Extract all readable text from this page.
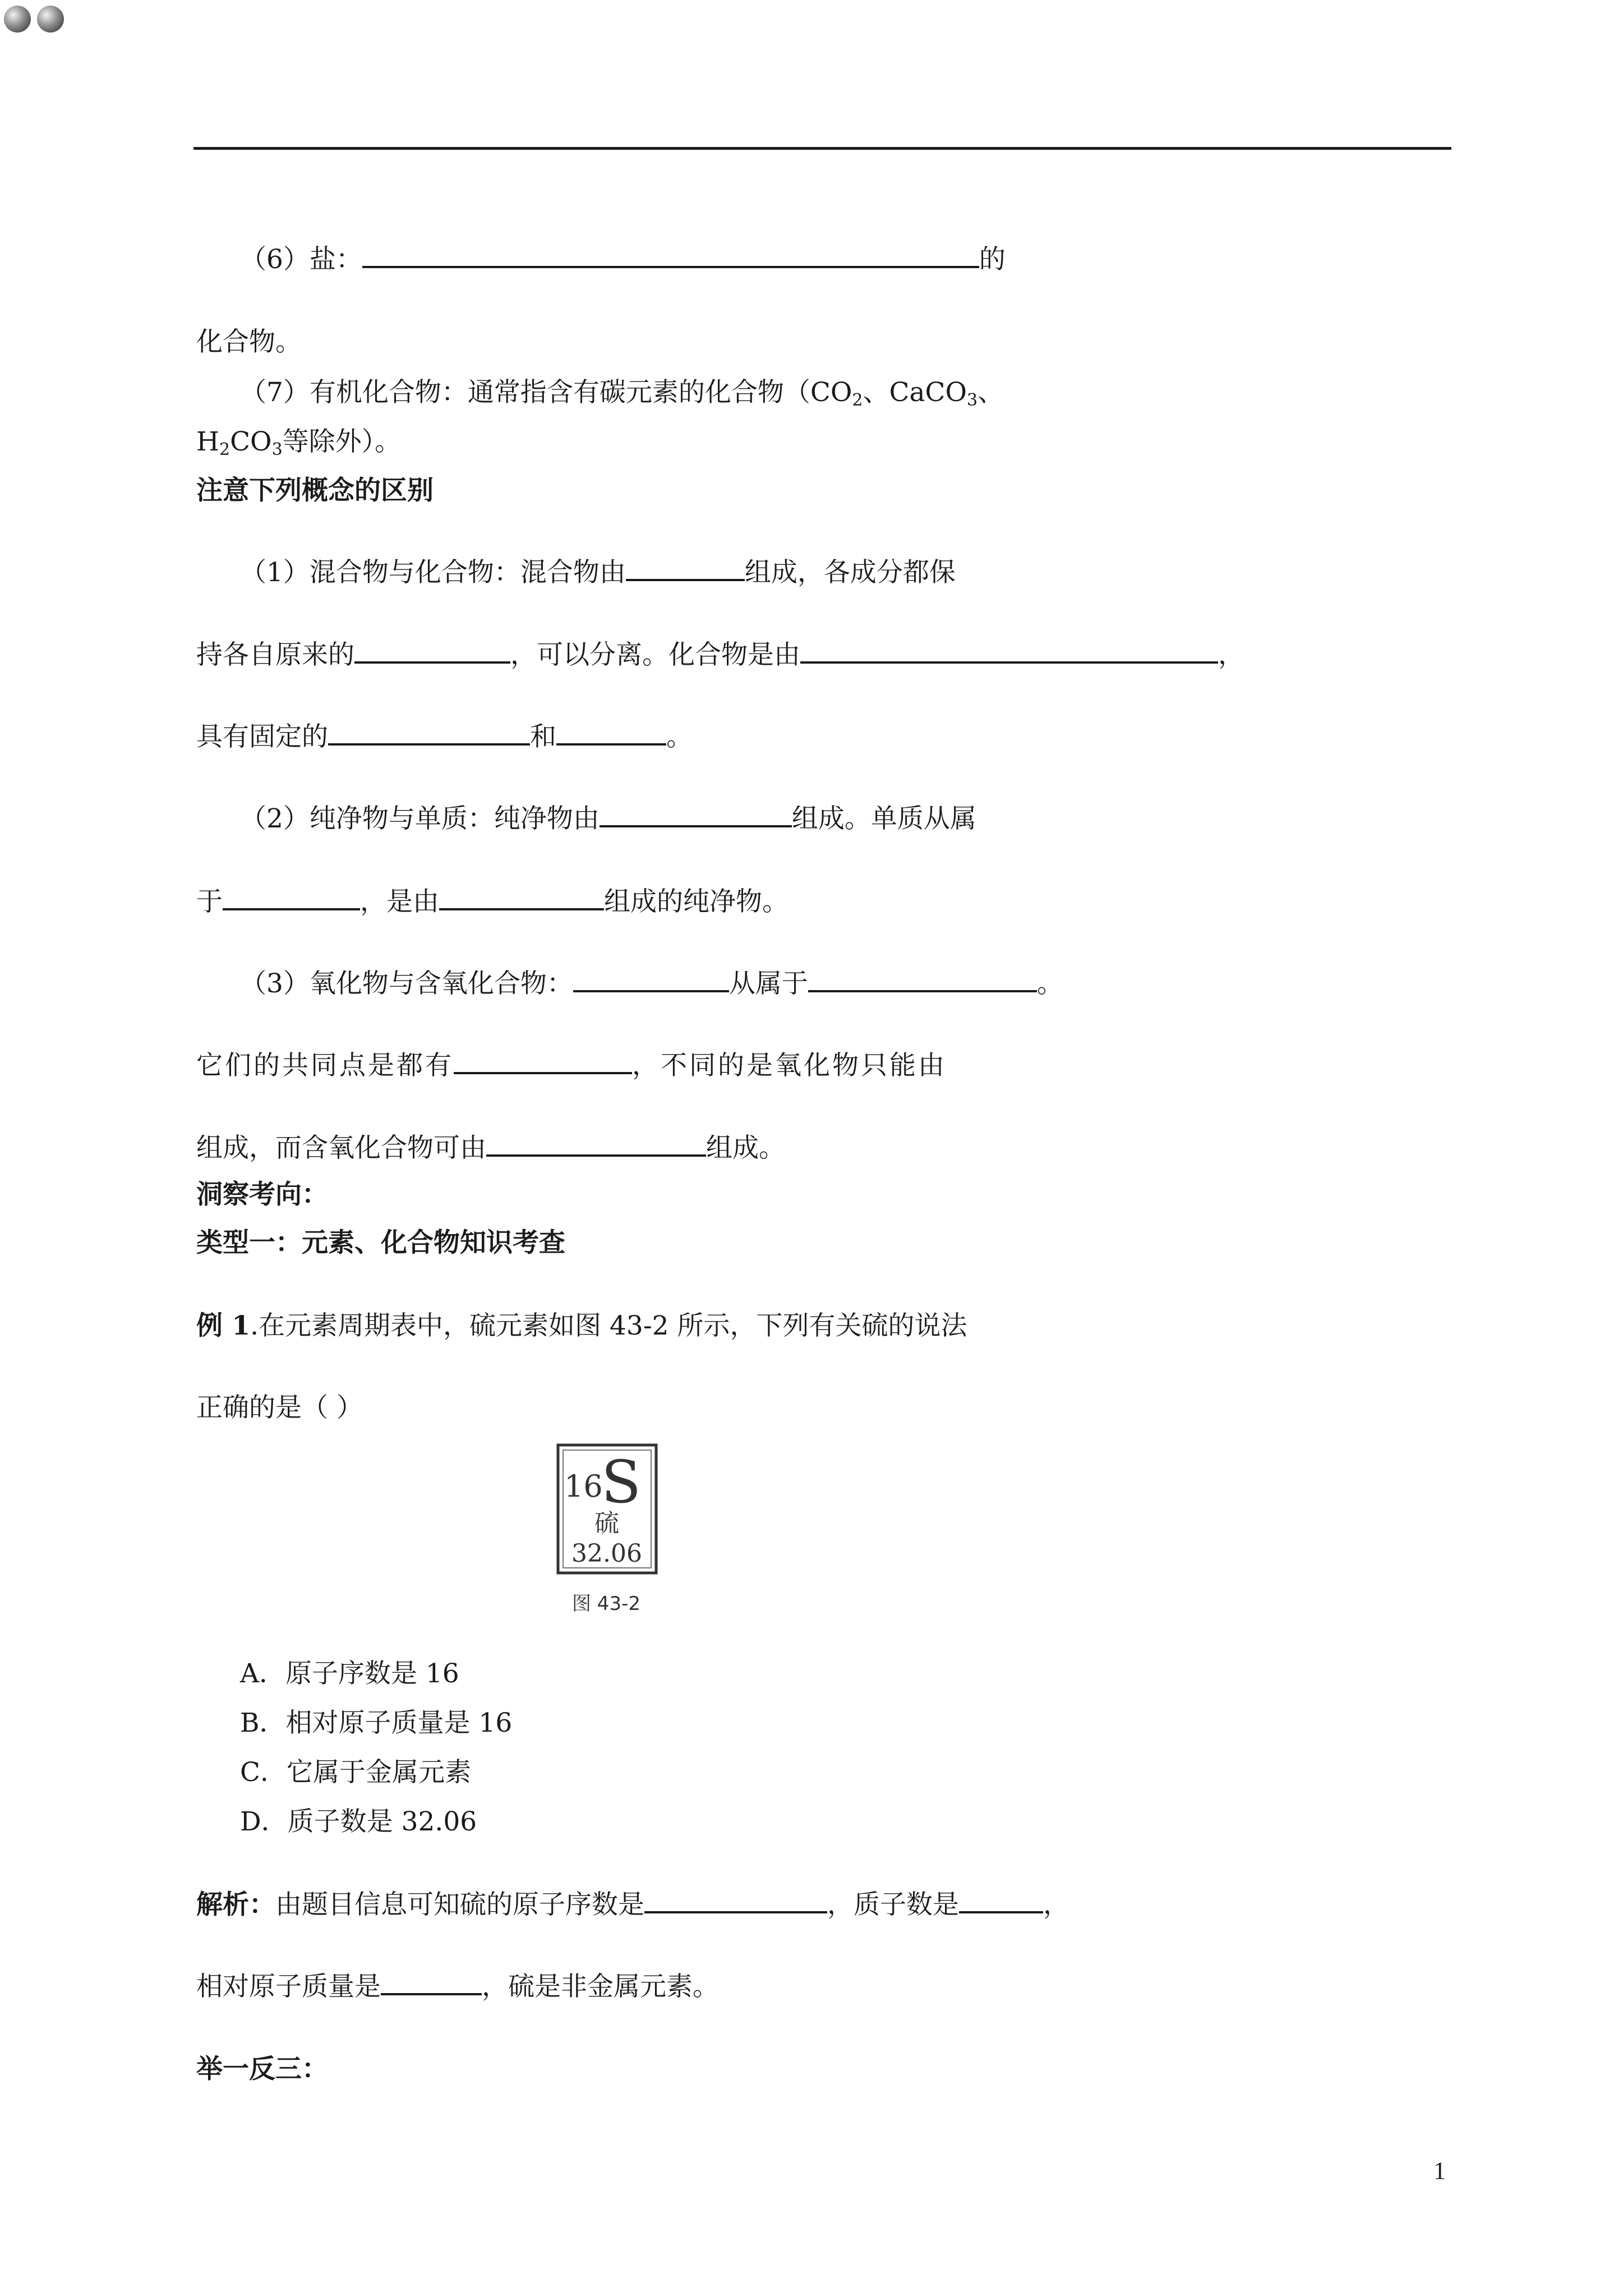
（6）盐：	的
化合物。
（7）有机化合物：通常指含有碳元素的化合物（$CO_2$、CaCO$_3$、
$H_2CO_3$等除外）。
注意下列概念的区别
（1）混合物与化合物：混合物由	组成，各成分都保
持各自原来的	，可以分离。化合物是由	，
具有固定的	和	。
（2）纯净物与单质：纯净物由	组成。单质从属
于	，是由	组成的纯净物。
（3）氧化物与含氧化合物：	从属于	。
它们的共同点是都有	，不同的是氧化物只能由
组成，而含氧化合物可由	组成。
洞察考向：
类型一：元素、化合物知识考查
例 1.在元素周期表中，硫元素如图 43-2 所示，下列有关硫的说法
正确的是（ ）
16
S
硫
32.06
图 43-2
A．原子序数是 16
B．相对原子质量是 16
C．它属于金属元素
D．质子数是 32.06
解析：由题目信息可知硫的原子序数是	，质子数是	，
相对原子质量是	，硫是非金属元素。
举一反三：
1
